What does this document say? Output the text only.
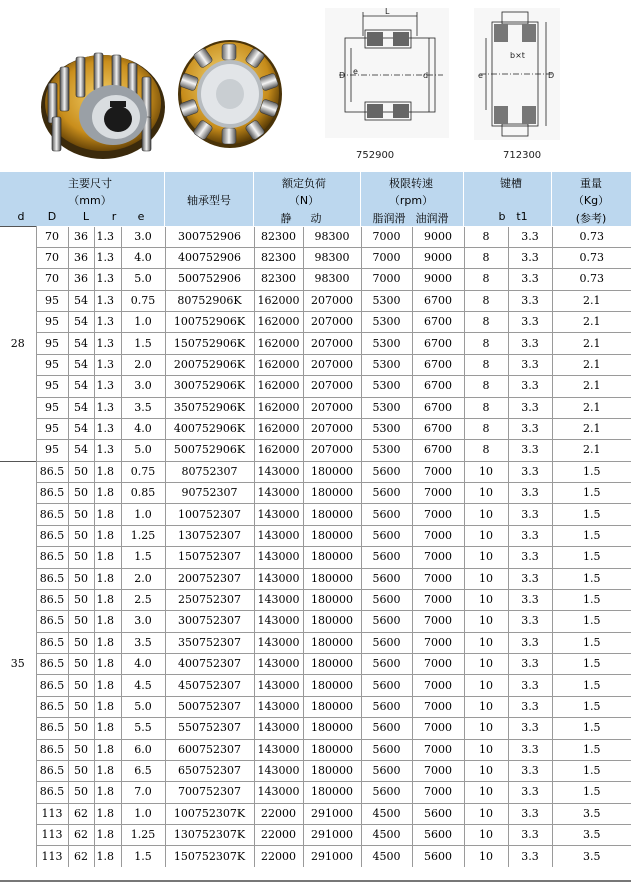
D e	d
L
752900
e	D
b×t
712300
主要尺寸
（mm）
d	D	L	r	e
轴承型号
额定负荷
（N）
静	动
极限转速
（rpm）
脂润滑 油润滑
键槽
b t1
重量
（Kg）
(参考)
28	70	36	1.3	3.0	300752906	82300	98300	7000	9000	8	3.3	0.73
	70	36	1.3	4.0	400752906	82300	98300	7000	9000	8	3.3	0.73
	70	36	1.3	5.0	500752906	82300	98300	7000	9000	8	3.3	0.73
	95	54	1.3	0.75	80752906K	162000	207000	5300	6700	8	3.3	2.1
	95	54	1.3	1.0	100752906K	162000	207000	5300	6700	8	3.3	2.1
	95	54	1.3	1.5	150752906K	162000	207000	5300	6700	8	3.3	2.1
	95	54	1.3	2.0	200752906K	162000	207000	5300	6700	8	3.3	2.1
	95	54	1.3	3.0	300752906K	162000	207000	5300	6700	8	3.3	2.1
	95	54	1.3	3.5	350752906K	162000	207000	5300	6700	8	3.3	2.1
	95	54	1.3	4.0	400752906K	162000	207000	5300	6700	8	3.3	2.1
	95	54	1.3	5.0	500752906K	162000	207000	5300	6700	8	3.3	2.1
35	86.5	50	1.8	0.75	80752307	143000	180000	5600	7000	10	3.3	1.5
	86.5	50	1.8	0.85	90752307	143000	180000	5600	7000	10	3.3	1.5
	86.5	50	1.8	1.0	100752307	143000	180000	5600	7000	10	3.3	1.5
	86.5	50	1.8	1.25	130752307	143000	180000	5600	7000	10	3.3	1.5
	86.5	50	1.8	1.5	150752307	143000	180000	5600	7000	10	3.3	1.5
	86.5	50	1.8	2.0	200752307	143000	180000	5600	7000	10	3.3	1.5
	86.5	50	1.8	2.5	250752307	143000	180000	5600	7000	10	3.3	1.5
	86.5	50	1.8	3.0	300752307	143000	180000	5600	7000	10	3.3	1.5
	86.5	50	1.8	3.5	350752307	143000	180000	5600	7000	10	3.3	1.5
	86.5	50	1.8	4.0	400752307	143000	180000	5600	7000	10	3.3	1.5
	86.5	50	1.8	4.5	450752307	143000	180000	5600	7000	10	3.3	1.5
	86.5	50	1.8	5.0	500752307	143000	180000	5600	7000	10	3.3	1.5
	86.5	50	1.8	5.5	550752307	143000	180000	5600	7000	10	3.3	1.5
	86.5	50	1.8	6.0	600752307	143000	180000	5600	7000	10	3.3	1.5
	86.5	50	1.8	6.5	650752307	143000	180000	5600	7000	10	3.3	1.5
	86.5	50	1.8	7.0	700752307	143000	180000	5600	7000	10	3.3	1.5
	113	62	1.8	1.0	100752307K	22000	291000	4500	5600	10	3.3	3.5
	113	62	1.8	1.25	130752307K	22000	291000	4500	5600	10	3.3	3.5
	113	62	1.8	1.5	150752307K	22000	291000	4500	5600	10	3.3	3.5
